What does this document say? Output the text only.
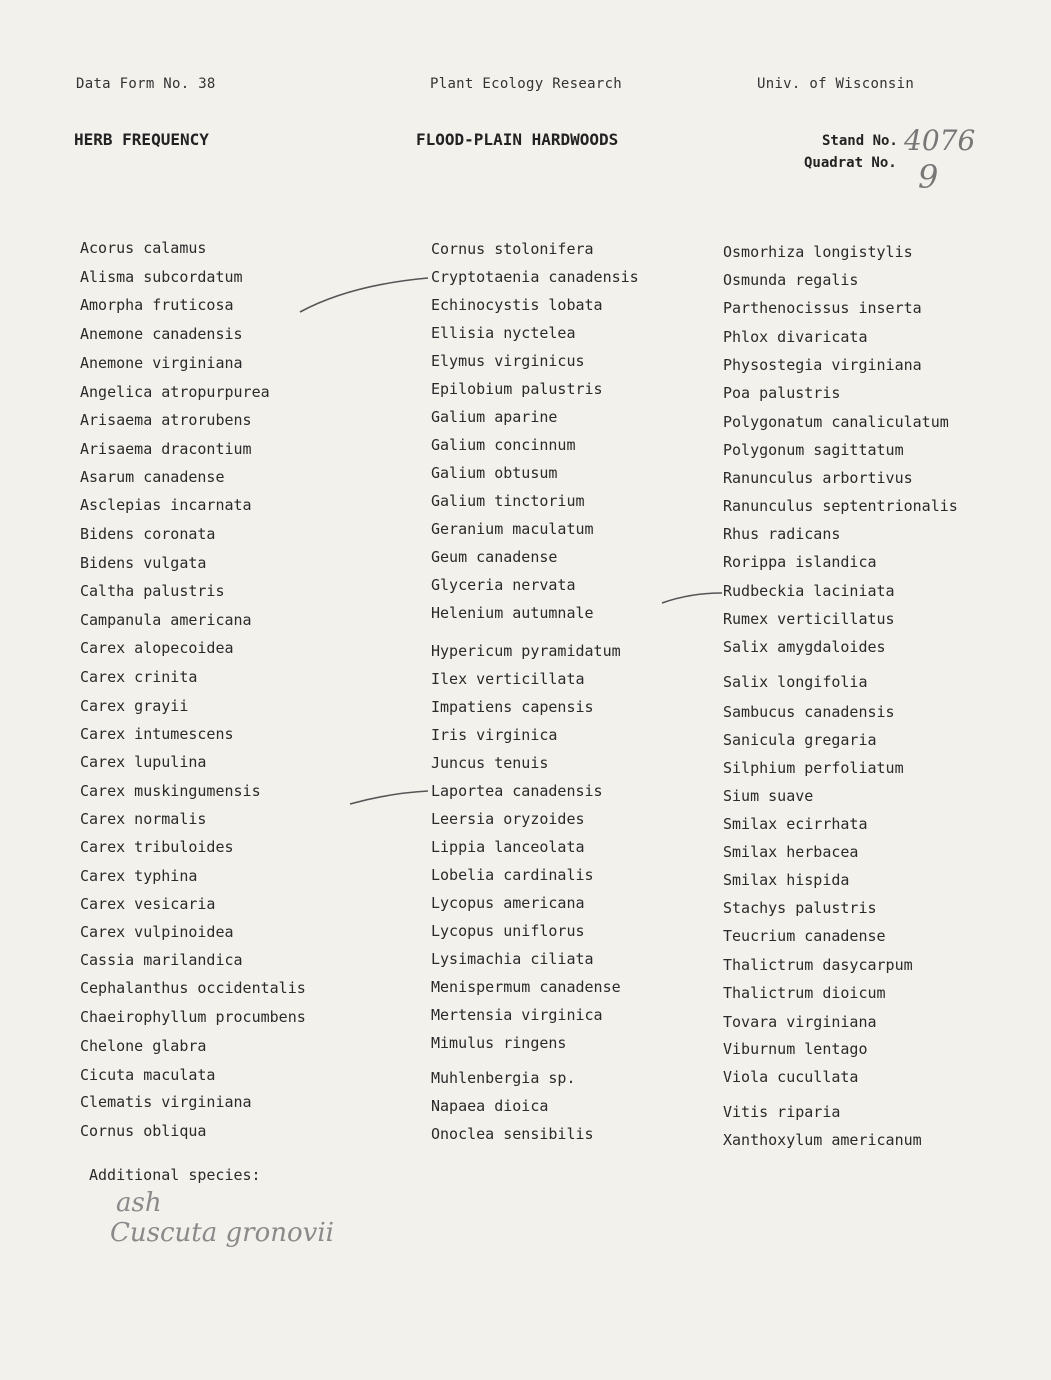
Data Form No. 38	Plant Ecology Research	Univ. of Wisconsin
HERB FREQUENCY	FLOOD-PLAIN HARDWOODS	Stand No. 4076
Quadrat No. 9
Acorus calamus
Alisma subcordatum
Amorpha fruticosa
Anemone canadensis
Anemone virginiana
Angelica atropurpurea
Arisaema atrorubens
Arisaema dracontium
Asarum canadense
Asclepias incarnata
Bidens coronata
Bidens vulgata
Caltha palustris
Campanula americana
Carex alopecoidea
Carex crinita
Carex grayii
Carex intumescens
Carex lupulina
Carex muskingumensis
Carex normalis
Carex tribuloides
Carex typhina
Carex vesicaria
Carex vulpinoidea
Cassia marilandica
Cephalanthus occidentalis
Chaeirophyllum procumbens
Chelone glabra
Cicuta maculata
Clematis virginiana
Cornus obliqua
Cornus stolonifera
Cryptotaenia canadensis
Echinocystis lobata
Ellisia nyctelea
Elymus virginicus
Epilobium palustris
Galium aparine
Galium concinnum
Galium obtusum
Galium tinctorium
Geranium maculatum
Geum canadense
Glyceria nervata
Helenium autumnale
Hypericum pyramidatum
Ilex verticillata
Impatiens capensis
Iris virginica
Juncus tenuis
Laportea canadensis
Leersia oryzoides
Lippia lanceolata
Lobelia cardinalis
Lycopus americana
Lycopus uniflorus
Lysimachia ciliata
Menispermum canadense
Mertensia virginica
Mimulus ringens
Muhlenbergia sp.
Napaea dioica
Onoclea sensibilis
Osmorhiza longistylis
Osmunda regalis
Parthenocissus inserta
Phlox divaricata
Physostegia virginiana
Poa palustris
Polygonatum canaliculatum
Polygonum sagittatum
Ranunculus arbortivus
Ranunculus septentrionalis
Rhus radicans
Rorippa islandica
Rudbeckia laciniata
Rumex verticillatus
Salix amygdaloides
Salix longifolia
Sambucus canadensis
Sanicula gregaria
Silphium perfoliatum
Sium suave
Smilax ecirrhata
Smilax herbacea
Smilax hispida
Stachys palustris
Teucrium canadense
Thalictrum dasycarpum
Thalictrum dioicum
Tovara virginiana
Viburnum lentago
Viola cucullata
Vitis riparia
Xanthoxylum americanum
Additional species:
ash
Cuscuta gronovii
